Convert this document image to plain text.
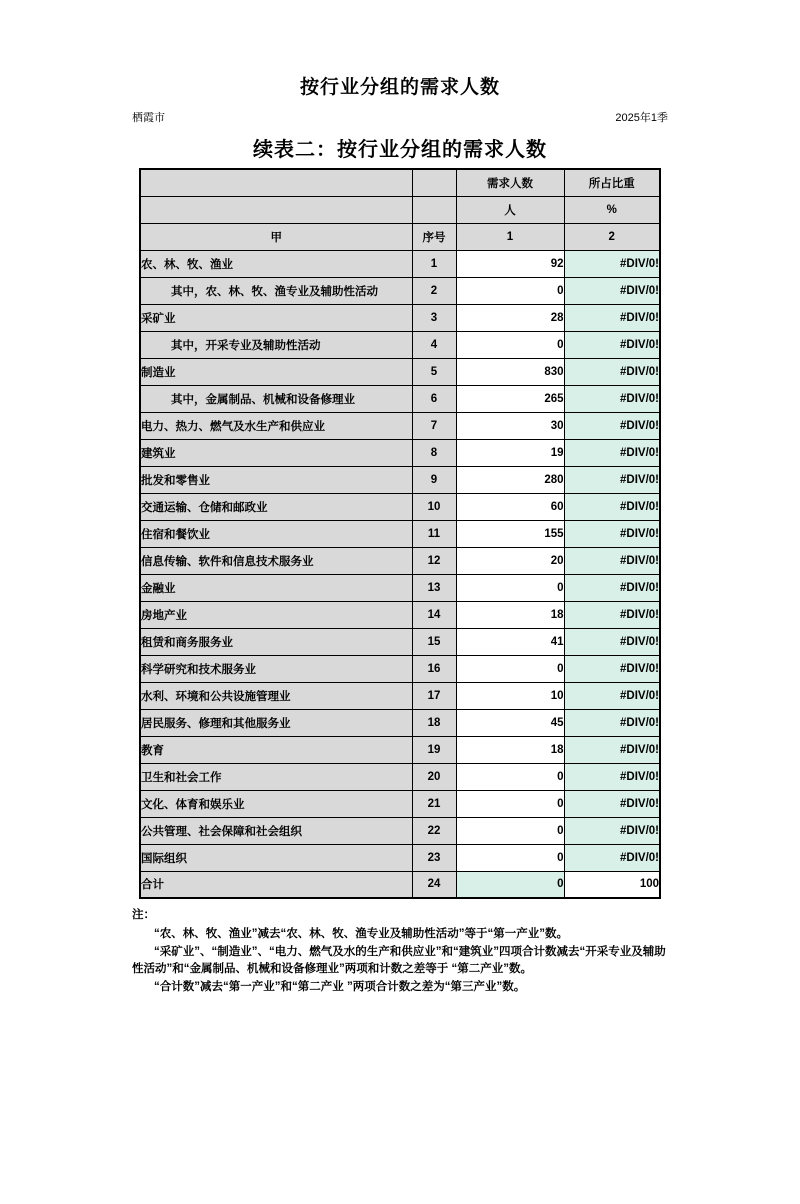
按行业分组的需求人数
栖霞市	2025年1季
续表二：按行业分组的需求人数
		需求人数	所占比重
		人	%
甲	序号	1	2
农、林、牧、渔业	1	92	#DIV/0!
其中，农、林、牧、渔专业及辅助性活动	2	0	#DIV/0!
采矿业	3	28	#DIV/0!
其中，开采专业及辅助性活动	4	0	#DIV/0!
制造业	5	830	#DIV/0!
其中，金属制品、机械和设备修理业	6	265	#DIV/0!
电力、热力、燃气及水生产和供应业	7	30	#DIV/0!
建筑业	8	19	#DIV/0!
批发和零售业	9	280	#DIV/0!
交通运输、仓储和邮政业	10	60	#DIV/0!
住宿和餐饮业	11	155	#DIV/0!
信息传输、软件和信息技术服务业	12	20	#DIV/0!
金融业	13	0	#DIV/0!
房地产业	14	18	#DIV/0!
租赁和商务服务业	15	41	#DIV/0!
科学研究和技术服务业	16	0	#DIV/0!
水利、环境和公共设施管理业	17	10	#DIV/0!
居民服务、修理和其他服务业	18	45	#DIV/0!
教育	19	18	#DIV/0!
卫生和社会工作	20	0	#DIV/0!
文化、体育和娱乐业	21	0	#DIV/0!
公共管理、社会保障和社会组织	22	0	#DIV/0!
国际组织	23	0	#DIV/0!
合计	24	0	100
注：

“农、林、牧、渔业”减去“农、林、牧、渔专业及辅助性活动”等于“第一产业”数。

“采矿业”、“制造业”、“电力、燃气及水的生产和供应业”和“建筑业”四项合计数减去“开采专业及辅助性活动”和“金属制品、机械和设备修理业”两项和计数之差等于 “第二产业”数。

“合计数”减去“第一产业”和“第二产业 ”两项合计数之差为“第三产业”数。
